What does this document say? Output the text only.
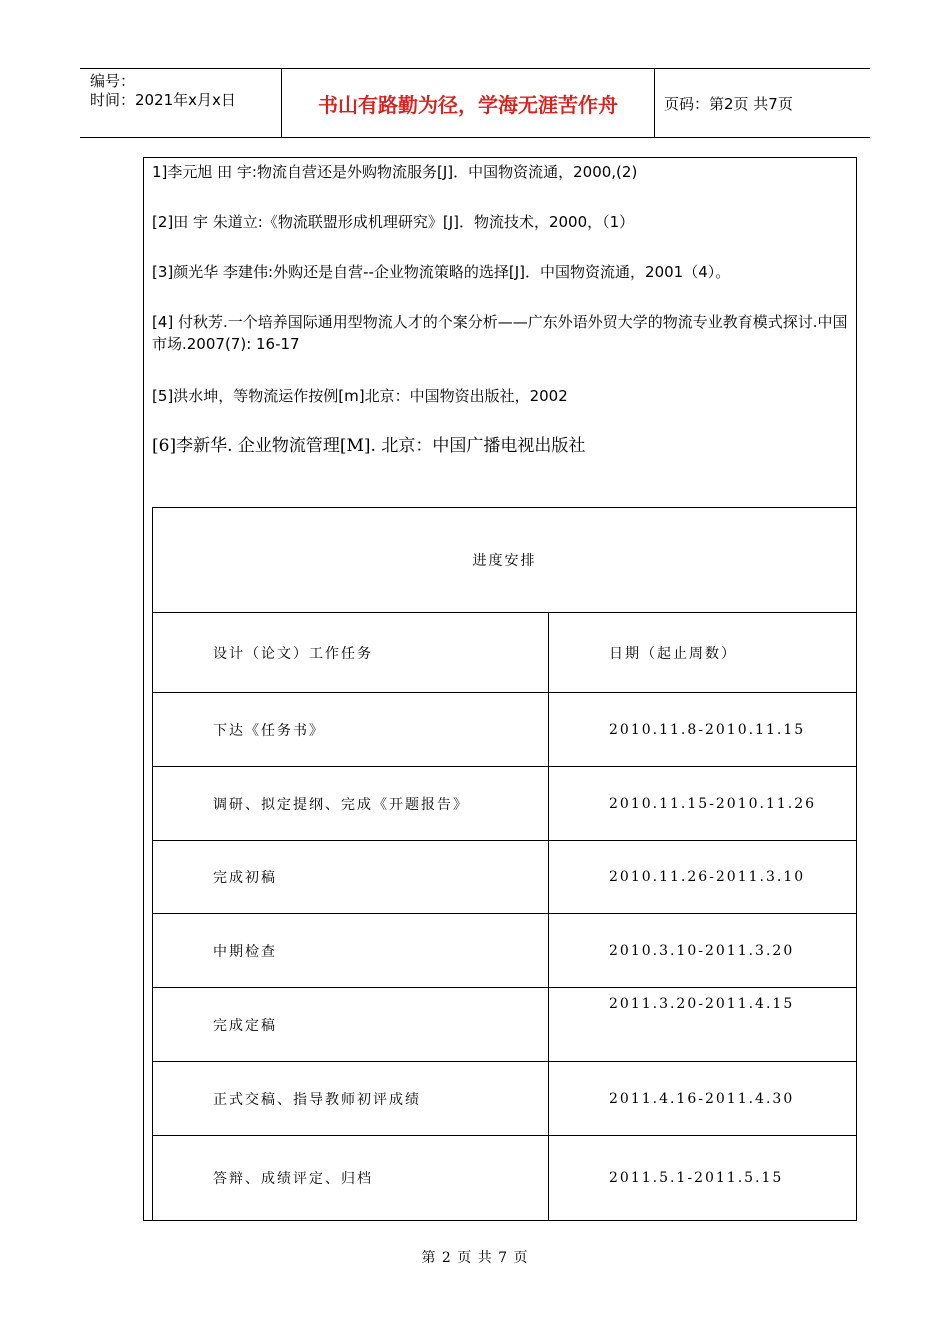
编号：
时间：2021年x月x日	书山有路勤为径，学海无涯苦作舟	页码：第2页 共7页
1]李元旭 田 宇:物流自营还是外购物流服务[J]．中国物资流通，2000,(2)
[2]田 宇 朱道立:《物流联盟形成机理研究》[J]．物流技术，2000，（1）
[3]颜光华 李建伟:外购还是自营--企业物流策略的选择[J]．中国物资流通，2001（4）。
[4] 付秋芳.一个培养国际通用型物流人才的个案分析——广东外语外贸大学的物流专业教育模式探讨.中国市场.2007(7): 16-17
[5]洪水坤，等物流运作按例[m]北京：中国物资出版社，2002
[6]李新华. 企业物流管理[M]. 北京：中国广播电视出版社
进度安排	
设计（论文）工作任务	日期（起止周数）
下达《任务书》	2010.11.8-2010.11.15
调研、拟定提纲、完成《开题报告》	2010.11.15-2010.11.26
完成初稿	2010.11.26-2011.3.10
中期检查	2010.3.10-2011.3.20
完成定稿	2011.3.20-2011.4.15
正式交稿、指导教师初评成绩	2011.4.16-2011.4.30
答辩、成绩评定、归档	2011.5.1-2011.5.15
第 2 页 共 7 页
